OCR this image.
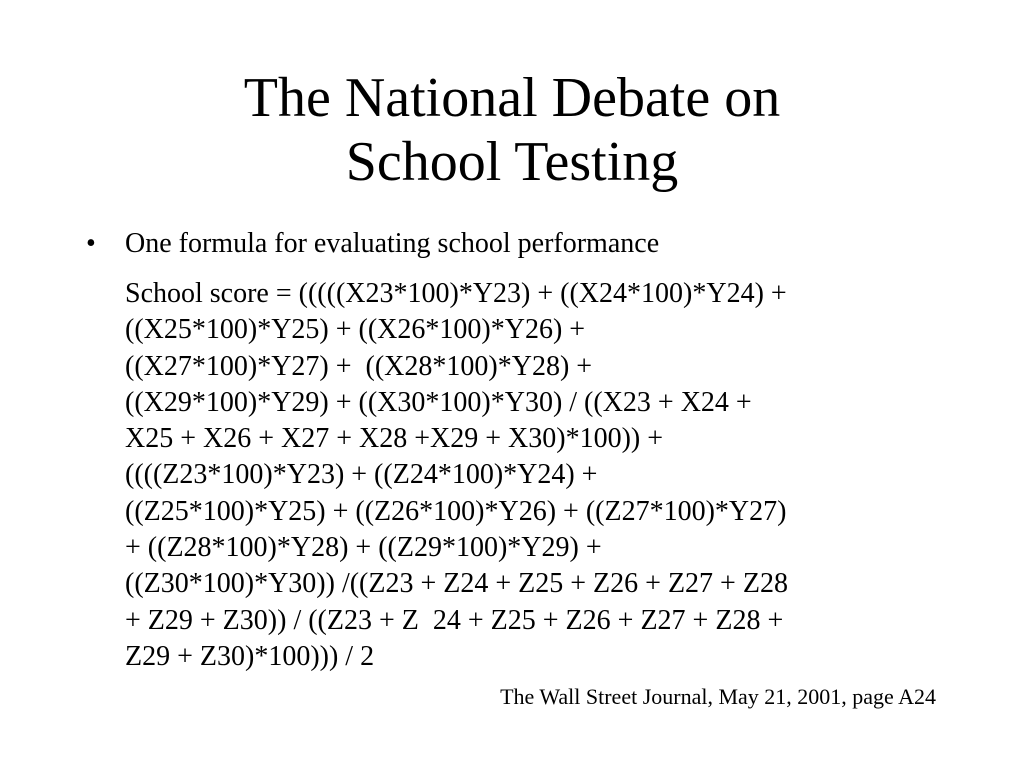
The National Debate on
School Testing
• One formula for evaluating school performance
School score = (((((X23*100)*Y23) + ((X24*100)*Y24) +
((X25*100)*Y25) + ((X26*100)*Y26) +
((X27*100)*Y27) +  ((X28*100)*Y28) +
((X29*100)*Y29) + ((X30*100)*Y30) / ((X23 + X24 +
X25 + X26 + X27 + X28 +X29 + X30)*100)) +
((((Z23*100)*Y23) + ((Z24*100)*Y24) +
((Z25*100)*Y25) + ((Z26*100)*Y26) + ((Z27*100)*Y27)
+ ((Z28*100)*Y28) + ((Z29*100)*Y29) +
((Z30*100)*Y30)) /((Z23 + Z24 + Z25 + Z26 + Z27 + Z28
+ Z29 + Z30)) / ((Z23 + Z  24 + Z25 + Z26 + Z27 + Z28 +
Z29 + Z30)*100))) / 2
The Wall Street Journal, May 21, 2001, page A24
